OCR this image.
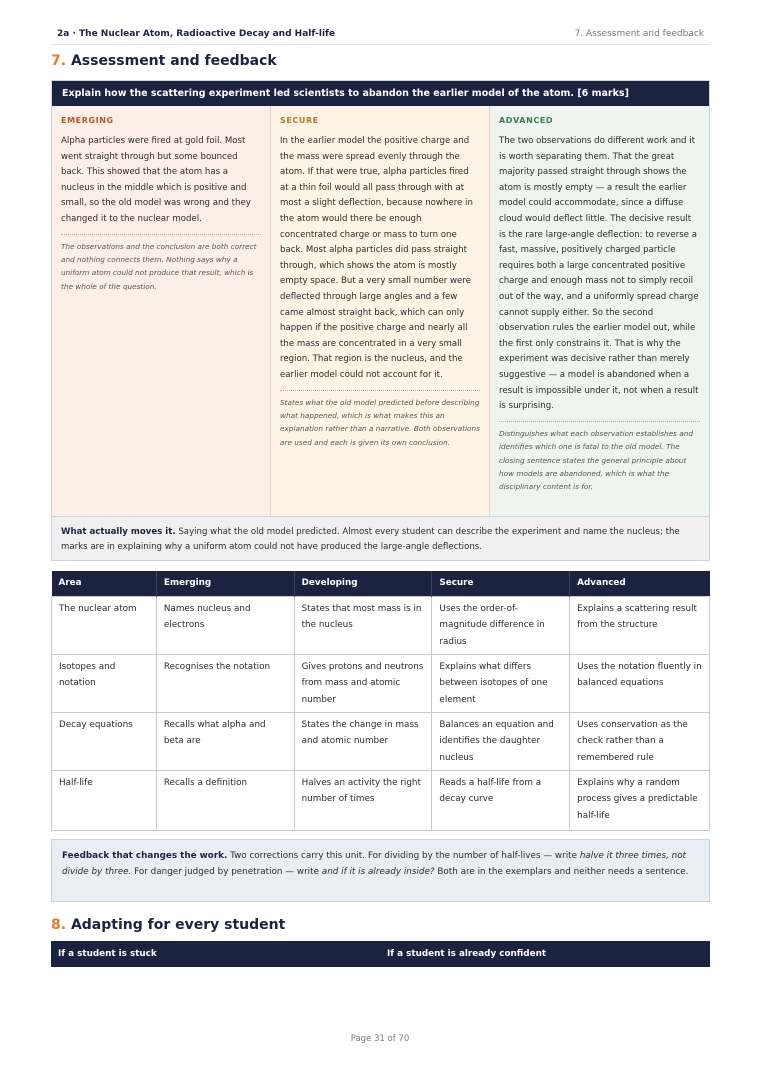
2a · The Nuclear Atom, Radioactive Decay and Half-life	7. Assessment and feedback
7. Assessment and feedback
Explain how the scattering experiment led scientists to abandon the earlier model of the atom. [6 marks]
EMERGING
Alpha particles were fired at gold foil. Most went straight through but some bounced back. This showed that the atom has a nucleus in the middle which is positive and small, so the old model was wrong and they changed it to the nuclear model.
The observations and the conclusion are both correct and nothing connects them. Nothing says why a uniform atom could not produce that result, which is the whole of the question.
SECURE
In the earlier model the positive charge and the mass were spread evenly through the atom. If that were true, alpha particles fired at a thin foil would all pass through with at most a slight deflection, because nowhere in the atom would there be enough concentrated charge or mass to turn one back. Most alpha particles did pass straight through, which shows the atom is mostly empty space. But a very small number were deflected through large angles and a few came almost straight back, which can only happen if the positive charge and nearly all the mass are concentrated in a very small region. That region is the nucleus, and the earlier model could not account for it.
States what the old model predicted before describing what happened, which is what makes this an explanation rather than a narrative. Both observations are used and each is given its own conclusion.
ADVANCED
The two observations do different work and it is worth separating them. That the great majority passed straight through shows the atom is mostly empty — a result the earlier model could accommodate, since a diffuse cloud would deflect little. The decisive result is the rare large-angle deflection: to reverse a fast, massive, positively charged particle requires both a large concentrated positive charge and enough mass not to simply recoil out of the way, and a uniformly spread charge cannot supply either. So the second observation rules the earlier model out, while the first only constrains it. That is why the experiment was decisive rather than merely suggestive — a model is abandoned when a result is impossible under it, not when a result is surprising.
Distinguishes what each observation establishes and identifies which one is fatal to the old model. The closing sentence states the general principle about how models are abandoned, which is what the disciplinary content is for.
What actually moves it. Saying what the old model predicted. Almost every student can describe the experiment and name the nucleus; the marks are in explaining why a uniform atom could not have produced the large-angle deflections.
Area	Emerging	Developing	Secure	Advanced
The nuclear atom	Names nucleus and electrons	States that most mass is in the nucleus	Uses the order-of-magnitude difference in radius	Explains a scattering result from the structure
Isotopes and notation	Recognises the notation	Gives protons and neutrons from mass and atomic number	Explains what differs between isotopes of one element	Uses the notation fluently in balanced equations
Decay equations	Recalls what alpha and beta are	States the change in mass and atomic number	Balances an equation and identifies the daughter nucleus	Uses conservation as the check rather than a remembered rule
Half-life	Recalls a definition	Halves an activity the right number of times	Reads a half-life from a decay curve	Explains why a random process gives a predictable half-life
Feedback that changes the work. Two corrections carry this unit. For dividing by the number of half-lives — write halve it three times, not divide by three. For danger judged by penetration — write and if it is already inside? Both are in the exemplars and neither needs a sentence.
8. Adapting for every student
If a student is stuck	If a student is already confident
Page 31 of 70
